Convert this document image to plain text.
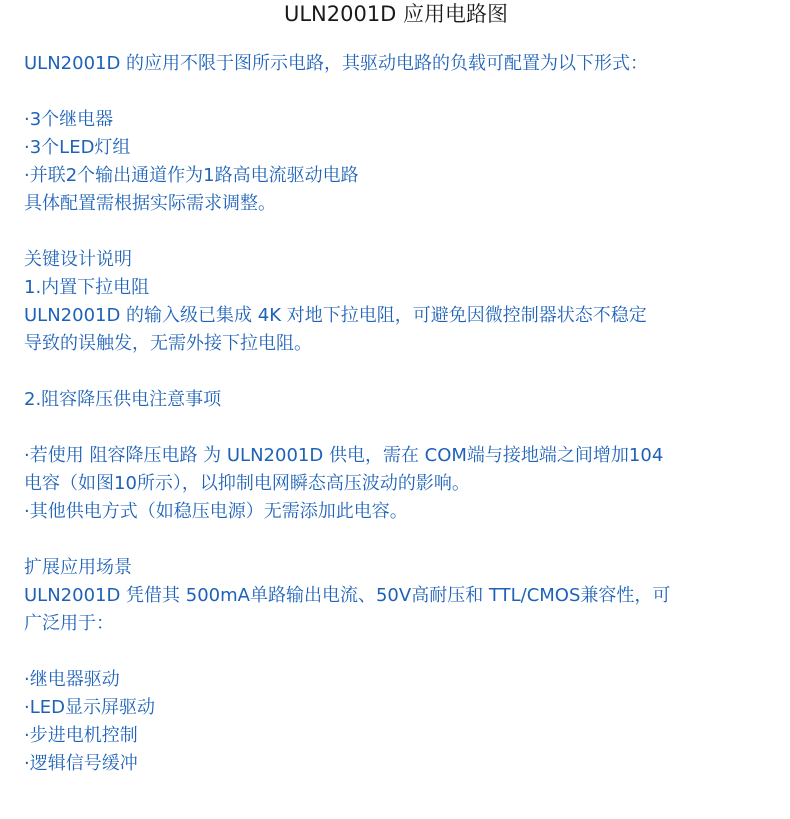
ULN2001D 应用电路图
ULN2001D 的应用不限于图所示电路，其驱动电路的负载可配置为以下形式：
·3个继电器
·3个LED灯组
·并联2个输出通道作为1路高电流驱动电路
具体配置需根据实际需求调整。
关键设计说明
1.内置下拉电阻
ULN2001D 的输入级已集成 4K 对地下拉电阻，可避免因微控制器状态不稳定
导致的误触发，无需外接下拉电阻。
2.阻容降压供电注意事项
·若使用 阻容降压电路 为 ULN2001D 供电，需在 COM端与接地端之间增加104
电容（如图10所示），以抑制电网瞬态高压波动的影响。
·其他供电方式（如稳压电源）无需添加此电容。
扩展应用场景
ULN2001D 凭借其 500mA单路输出电流、50V高耐压和 TTL/CMOS兼容性，可
广泛用于：
·继电器驱动
·LED显示屏驱动
·步进电机控制
·逻辑信号缓冲
